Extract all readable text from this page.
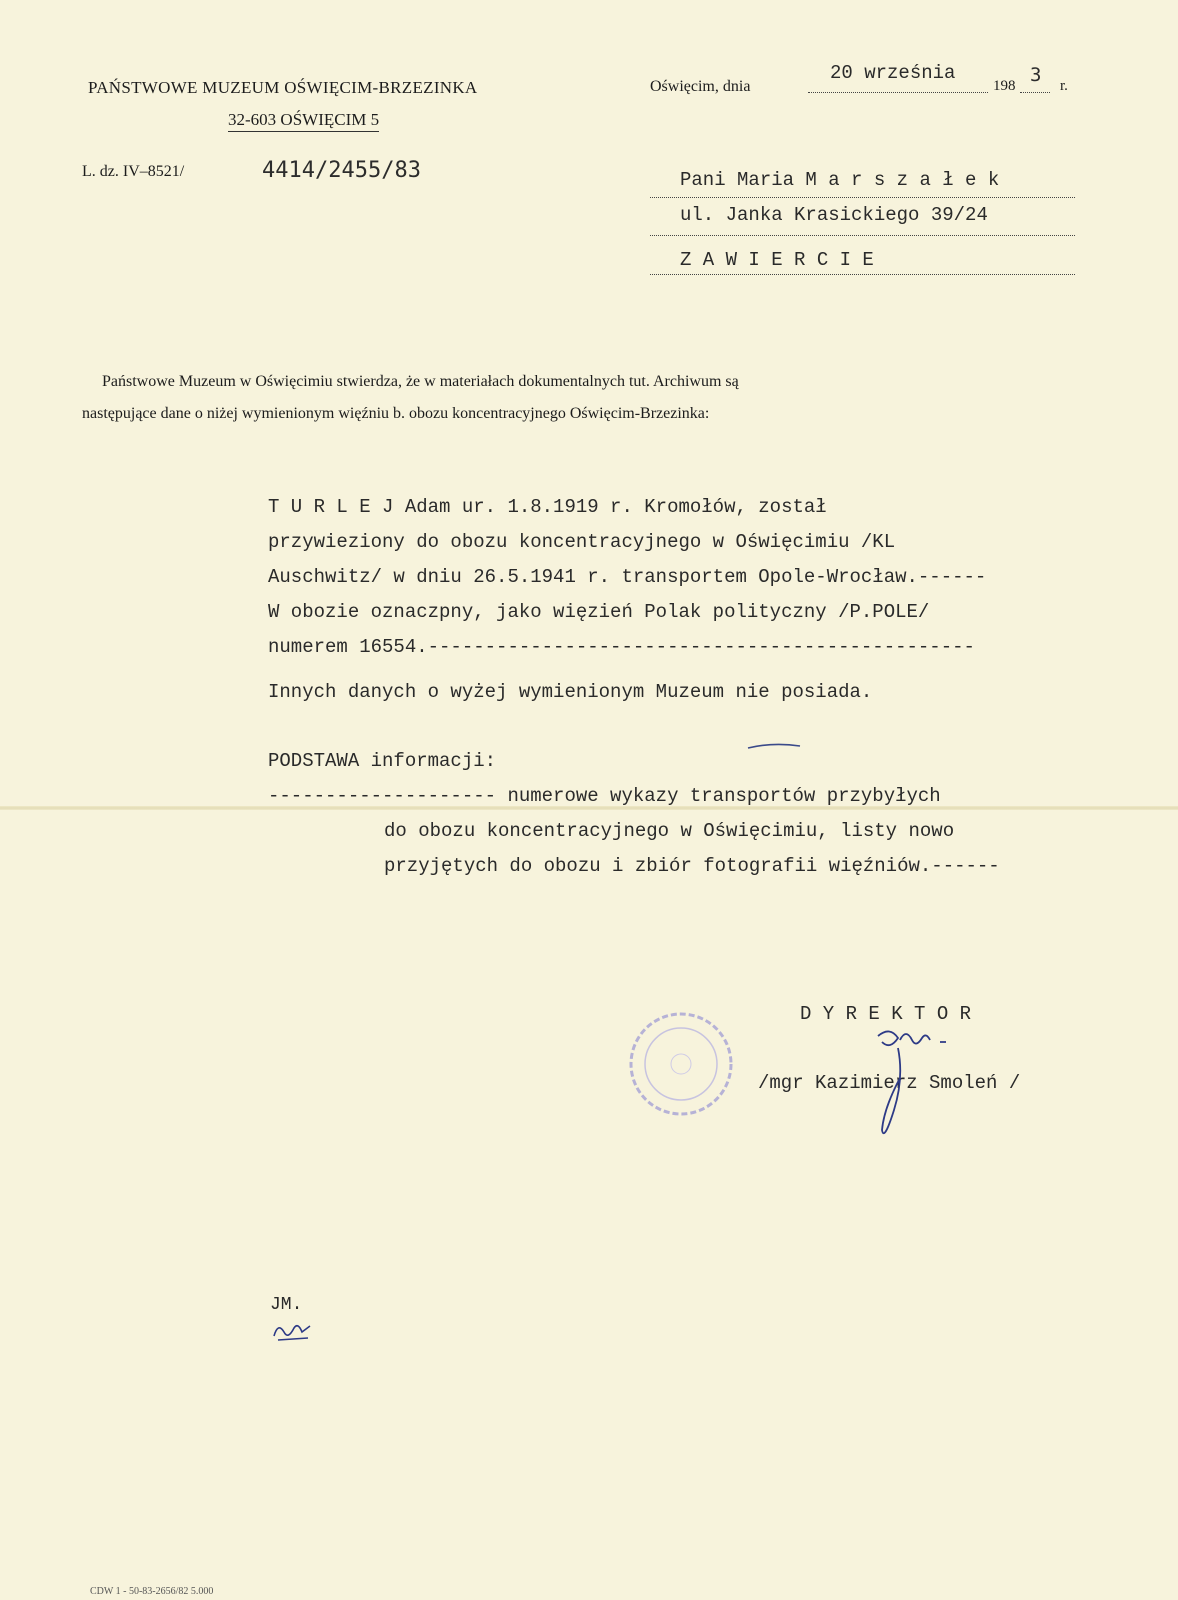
PAŃSTWOWE MUZEUM OŚWIĘCIM-BRZEZINKA
32-603 OŚWIĘCIM 5
L. dz. IV–8521/	4414/2455/83
Oświęcim, dnia
20 września
198 3 r.
Pani Maria M a r s z a ł e k
ul. Janka Krasickiego 39/24
Z A W I E R C I E
Państwowe Muzeum w Oświęcimiu stwierdza, że w materiałach dokumentalnych tut. Archiwum są
następujące dane o niżej wymienionym więźniu b. obozu koncentracyjnego Oświęcim-Brzezinka:
T U R L E J Adam ur. 1.8.1919 r. Kromołów, został
przywieziony do obozu koncentracyjnego w Oświęcimiu /KL
Auschwitz/ w dniu 26.5.1941 r. transportem Opole-Wrocław.------
W obozie oznaczpny, jako więzień Polak polityczny /P.POLE/
numerem 16554.------------------------------------------------
Innych danych o wyżej wymienionym Muzeum nie posiada.
PODSTAWA informacji:
-------------------- numerowe wykazy transportów przybyłych
do obozu koncentracyjnego w Oświęcimiu, listy nowo
przyjętych do obozu i zbiór fotografii więźniów.------
D Y R E K T O R
/mgr Kazimierz Smoleń /
JM.
CDW 1 - 50-83-2656/82 5.000
